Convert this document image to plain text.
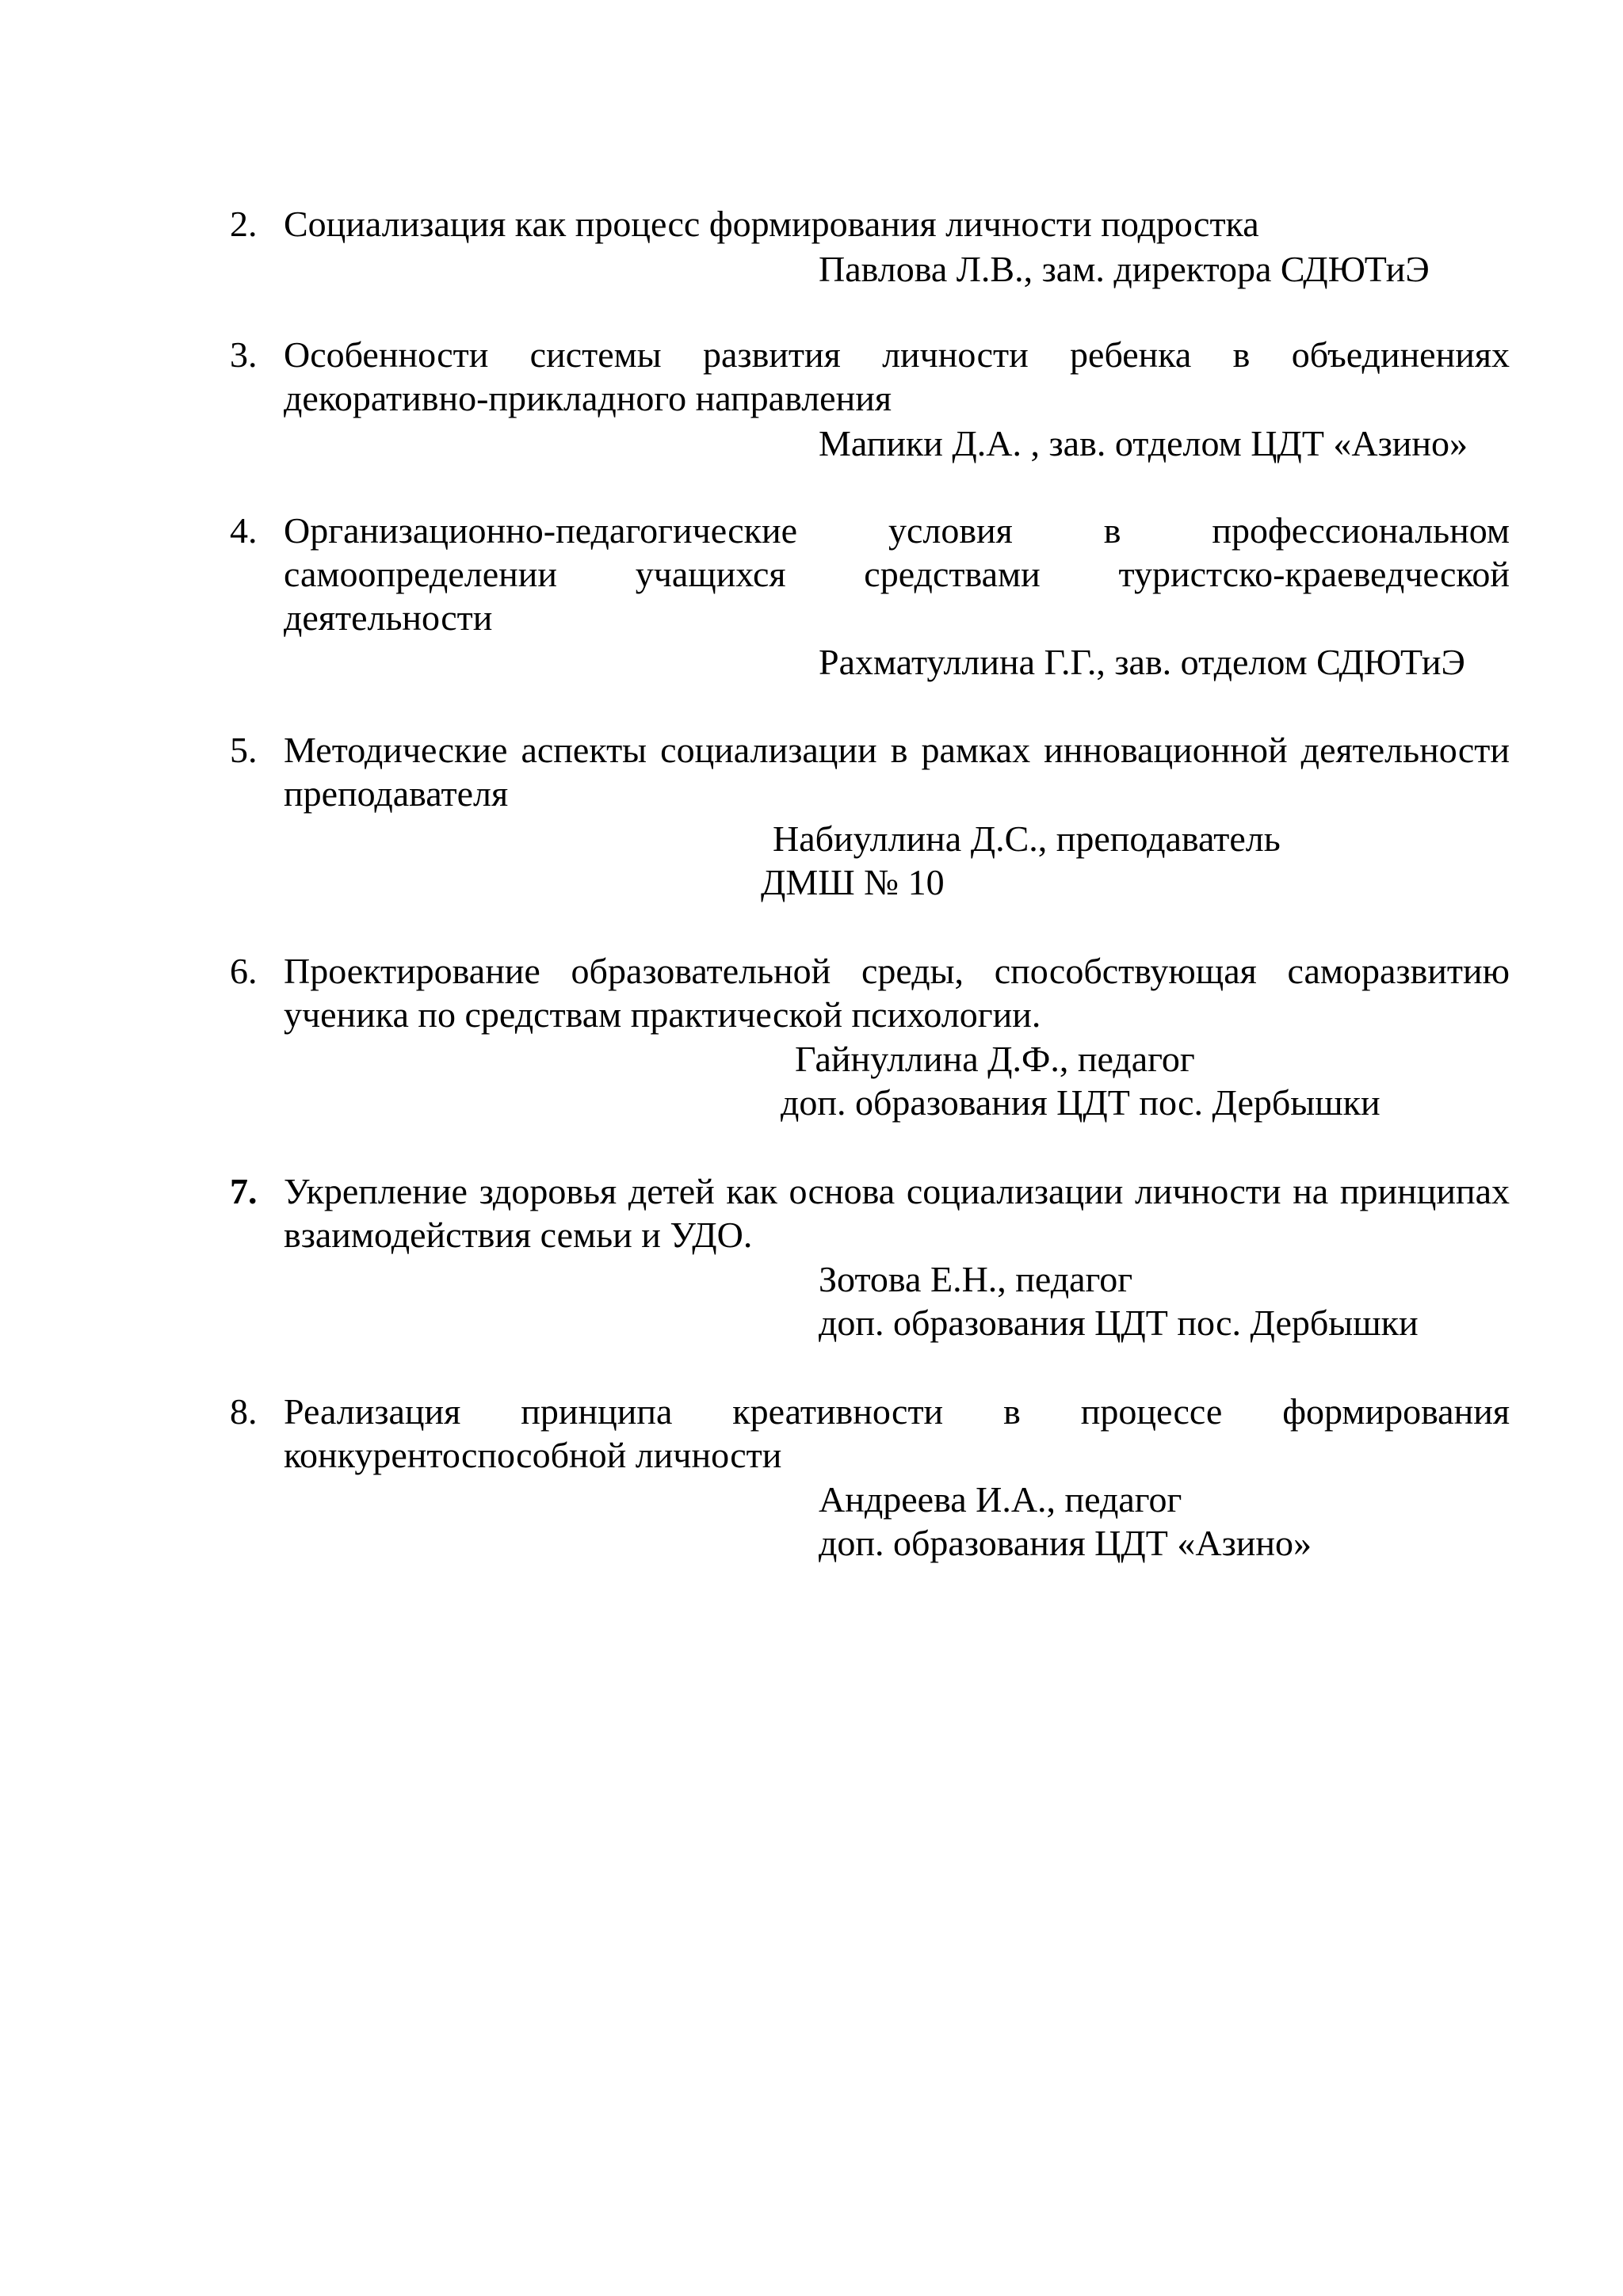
2. Социализация как процесс формирования личности подростка
Павлова Л.В., зам. директора СДЮТиЭ
3. Особенности системы развития личности ребенка в объединениях декоративно-прикладного направления
Мапики Д.А. , зав. отделом ЦДТ «Азино»
4. Организационно-педагогические условия в профессиональном самоопределении учащихся средствами туристско-краеведческой деятельности
Рахматуллина Г.Г., зав. отделом СДЮТиЭ
5. Методические аспекты социализации в рамках инновационной деятельности преподавателя
Набиуллина Д.С., преподаватель
ДМШ № 10
6. Проектирование образовательной среды, способствующая саморазвитию ученика по средствам практической психологии.
Гайнуллина Д.Ф., педагог
доп. образования ЦДТ пос. Дербышки
7. Укрепление здоровья детей как основа социализации личности на принципах взаимодействия семьи и УДО.
Зотова Е.Н., педагог
доп. образования ЦДТ пос. Дербышки
8. Реализация принципа креативности в процессе формирования конкурентоспособной личности
Андреева И.А., педагог
доп. образования ЦДТ «Азино»
